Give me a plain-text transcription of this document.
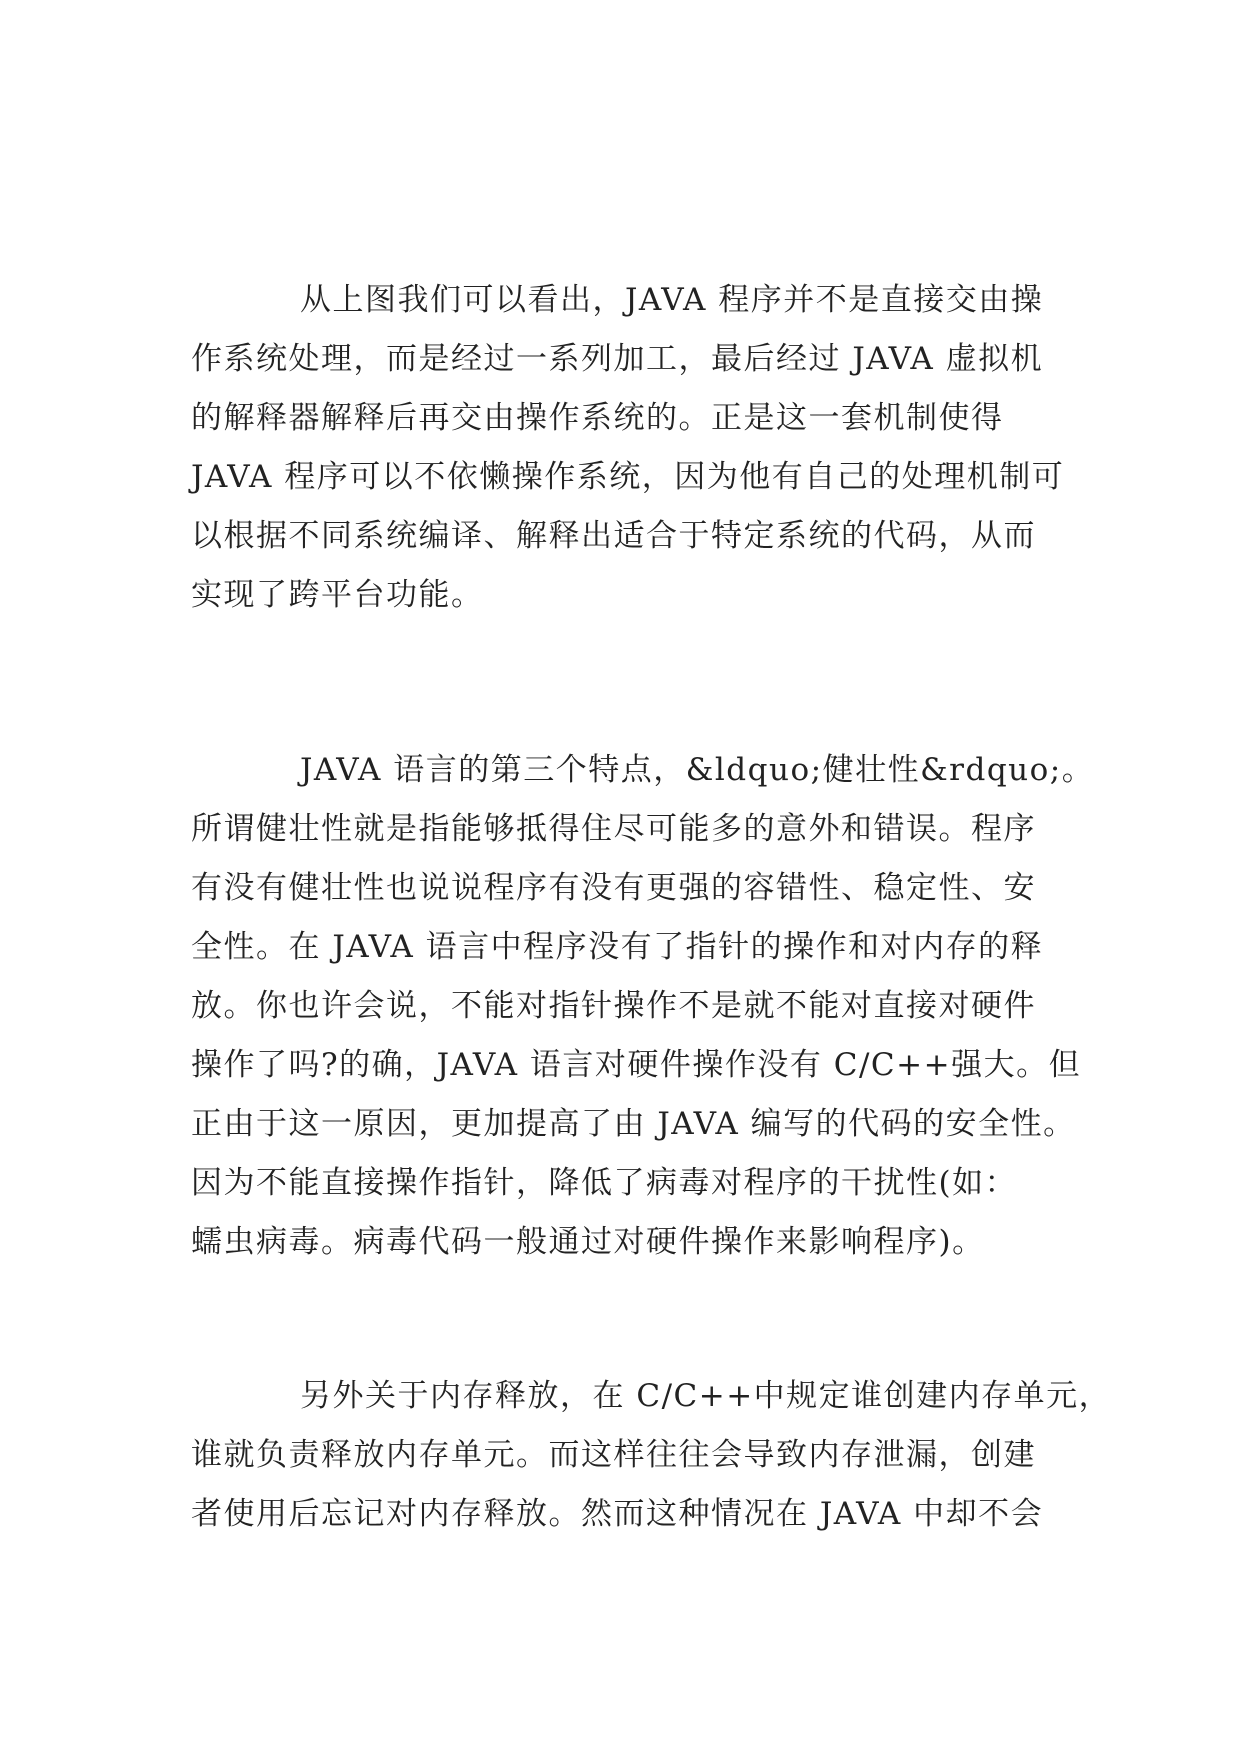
从上图我们可以看出，JAVA 程序并不是直接交由操
作系统处理，而是经过一系列加工，最后经过 JAVA 虚拟机
的解释器解释后再交由操作系统的。正是这一套机制使得
JAVA 程序可以不依懒操作系统，因为他有自己的处理机制可
以根据不同系统编译、解释出适合于特定系统的代码，从而
实现了跨平台功能。
JAVA 语言的第三个特点，&ldquo;健壮性&rdquo;。
所谓健壮性就是指能够抵得住尽可能多的意外和错误。程序
有没有健壮性也说说程序有没有更强的容错性、稳定性、安
全性。在 JAVA 语言中程序没有了指针的操作和对内存的释
放。你也许会说，不能对指针操作不是就不能对直接对硬件
操作了吗?的确，JAVA 语言对硬件操作没有 C/C++强大。但
正由于这一原因，更加提高了由 JAVA 编写的代码的安全性。
因为不能直接操作指针，降低了病毒对程序的干扰性(如：
蠕虫病毒。病毒代码一般通过对硬件操作来影响程序)。
另外关于内存释放，在 C/C++中规定谁创建内存单元，
谁就负责释放内存单元。而这样往往会导致内存泄漏，创建
者使用后忘记对内存释放。然而这种情况在 JAVA 中却不会
